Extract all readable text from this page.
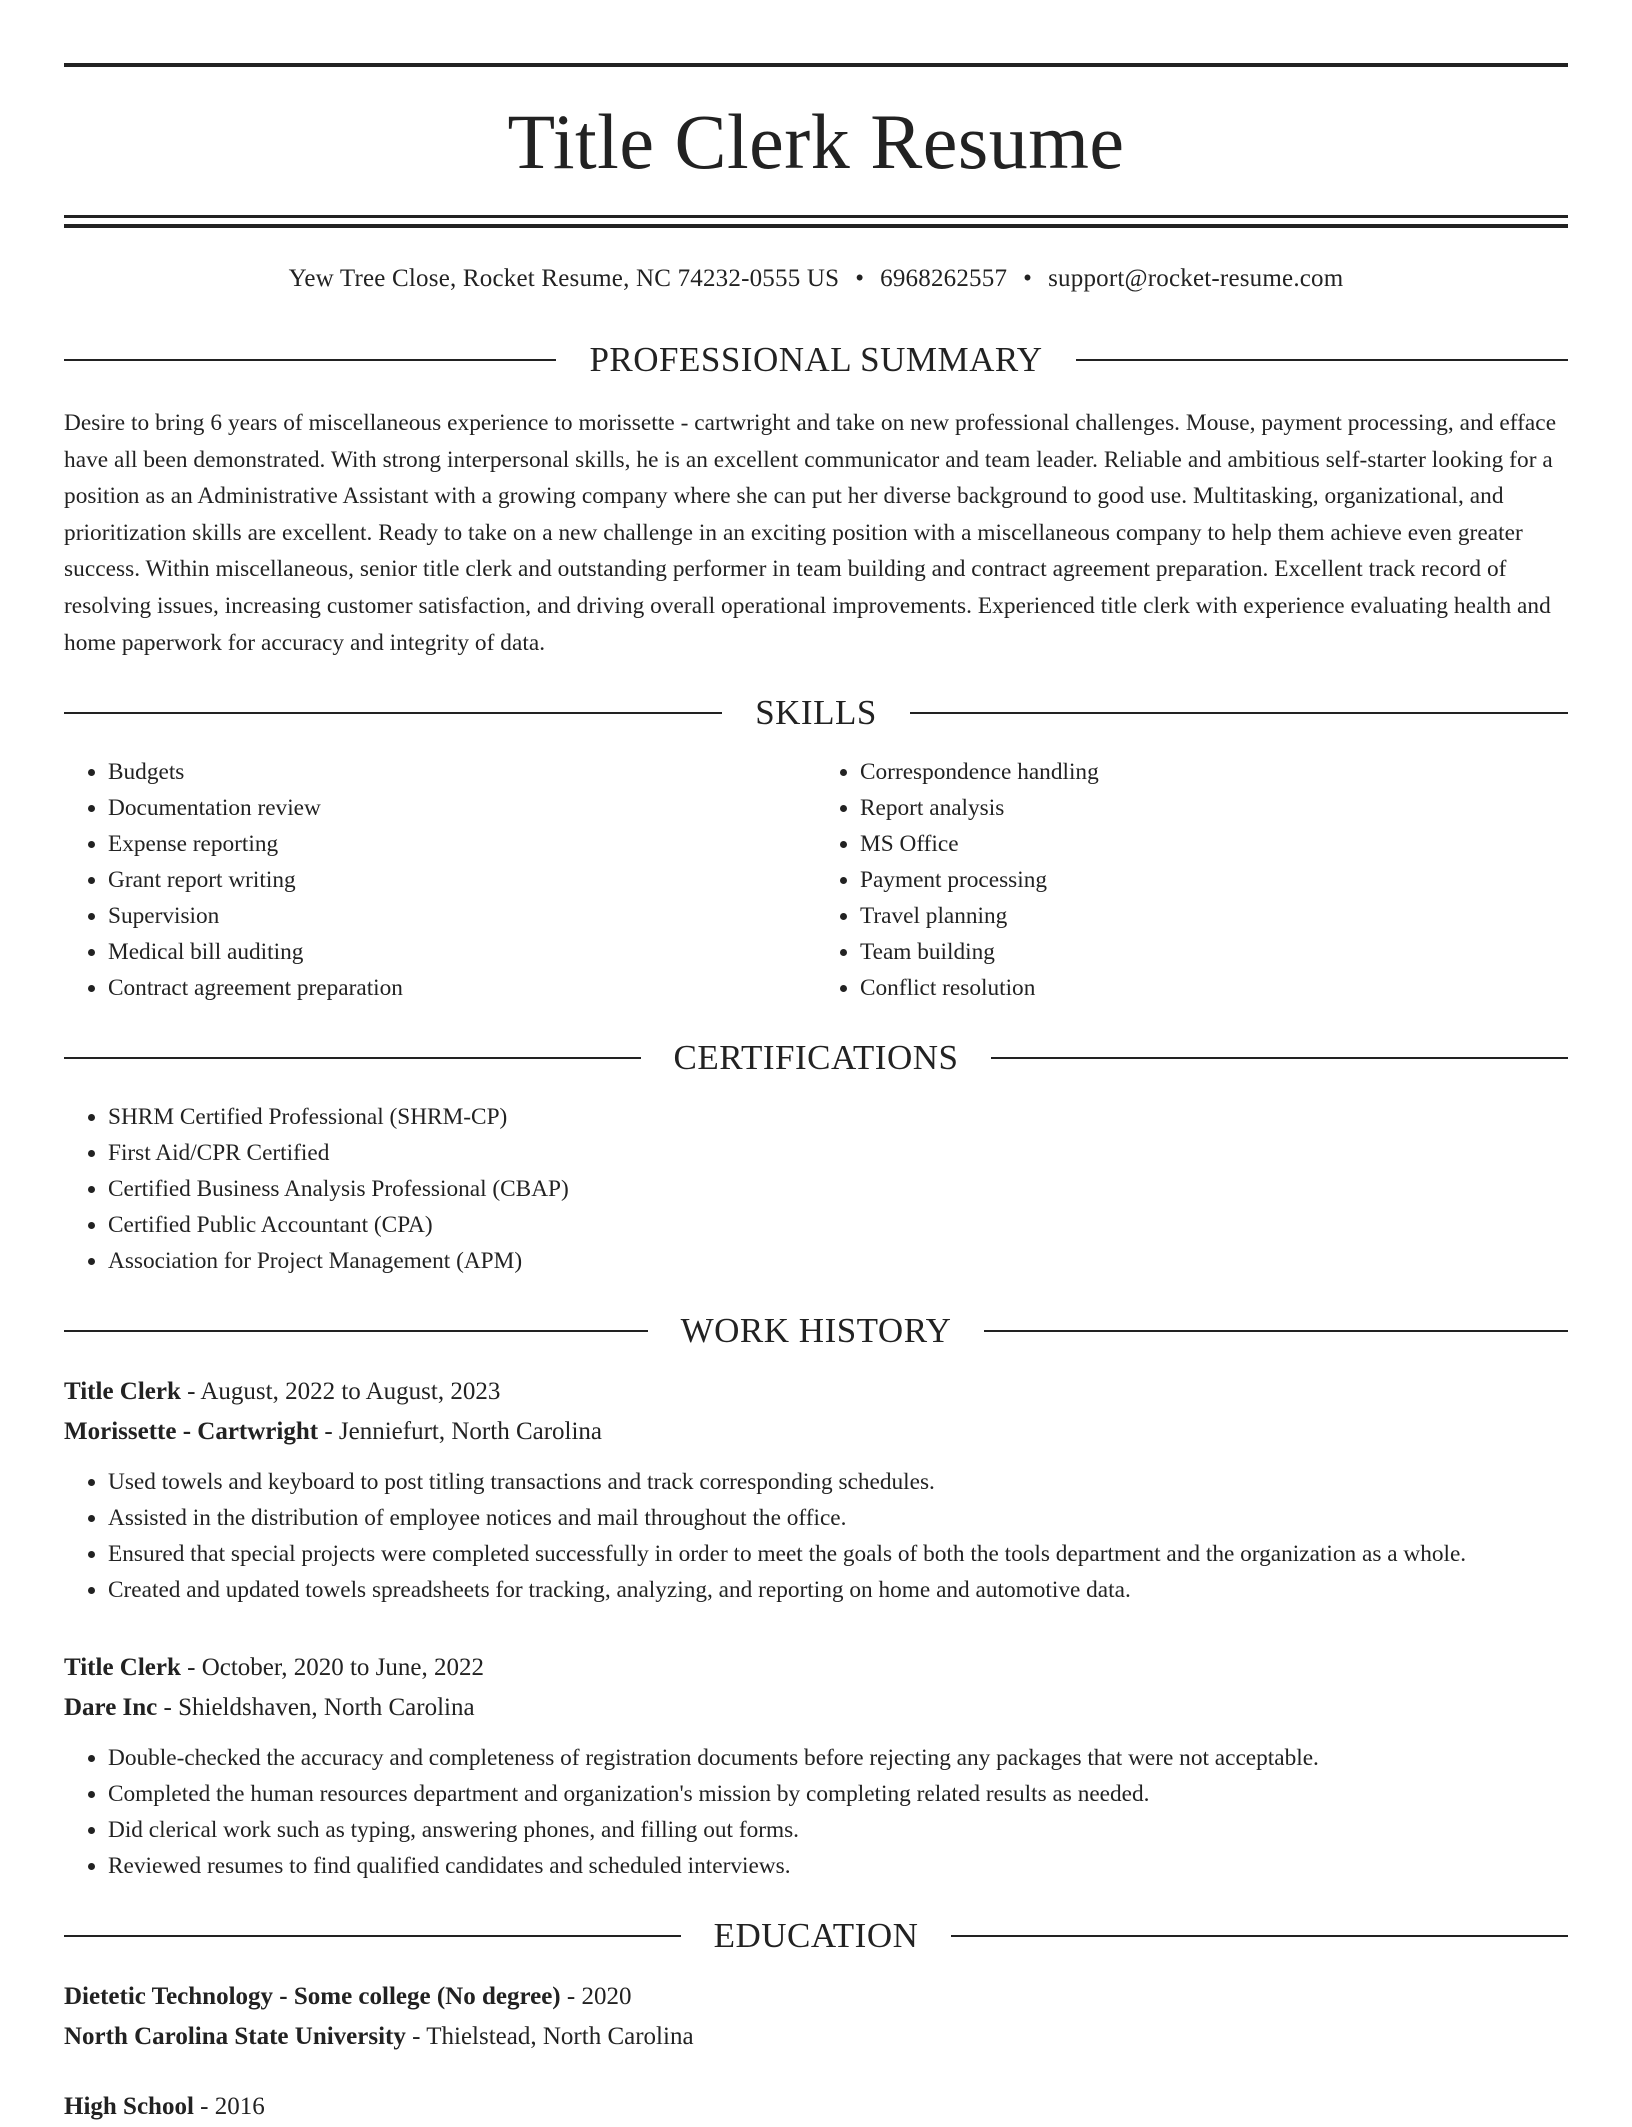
Title Clerk Resume
Yew Tree Close, Rocket Resume, NC 74232-0555 US • 6968262557 • support@rocket-resume.com
PROFESSIONAL SUMMARY

Desire to bring 6 years of miscellaneous experience to morissette - cartwright and take on new professional challenges. Mouse, payment processing, and efface have all been demonstrated. With strong interpersonal skills, he is an excellent communicator and team leader. Reliable and ambitious self-starter looking for a position as an Administrative Assistant with a growing company where she can put her diverse background to good use. Multitasking, organizational, and prioritization skills are excellent. Ready to take on a new challenge in an exciting position with a miscellaneous company to help them achieve even greater success. Within miscellaneous, senior title clerk and outstanding performer in team building and contract agreement preparation. Excellent track record of resolving issues, increasing customer satisfaction, and driving overall operational improvements. Experienced title clerk with experience evaluating health and home paperwork for accuracy and integrity of data.

SKILLS
• Budgets
• Documentation review
• Expense reporting
• Grant report writing
• Supervision
• Medical bill auditing
• Contract agreement preparation
• Correspondence handling
• Report analysis
• MS Office
• Payment processing
• Travel planning
• Team building
• Conflict resolution
CERTIFICATIONS
• SHRM Certified Professional (SHRM-CP)
• First Aid/CPR Certified
• Certified Business Analysis Professional (CBAP)
• Certified Public Accountant (CPA)
• Association for Project Management (APM)
WORK HISTORY
Title Clerk - August, 2022 to August, 2023
Morissette - Cartwright - Jenniefurt, North Carolina
• Used towels and keyboard to post titling transactions and track corresponding schedules.
• Assisted in the distribution of employee notices and mail throughout the office.
• Ensured that special projects were completed successfully in order to meet the goals of both the tools department and the organization as a whole.
• Created and updated towels spreadsheets for tracking, analyzing, and reporting on home and automotive data.
Title Clerk - October, 2020 to June, 2022
Dare Inc - Shieldshaven, North Carolina
• Double-checked the accuracy and completeness of registration documents before rejecting any packages that were not acceptable.
• Completed the human resources department and organization's mission by completing related results as needed.
• Did clerical work such as typing, answering phones, and filling out forms.
• Reviewed resumes to find qualified candidates and scheduled interviews.
EDUCATION
Dietetic Technology - Some college (No degree) - 2020
North Carolina State University - Thielstead, North Carolina
High School - 2016
